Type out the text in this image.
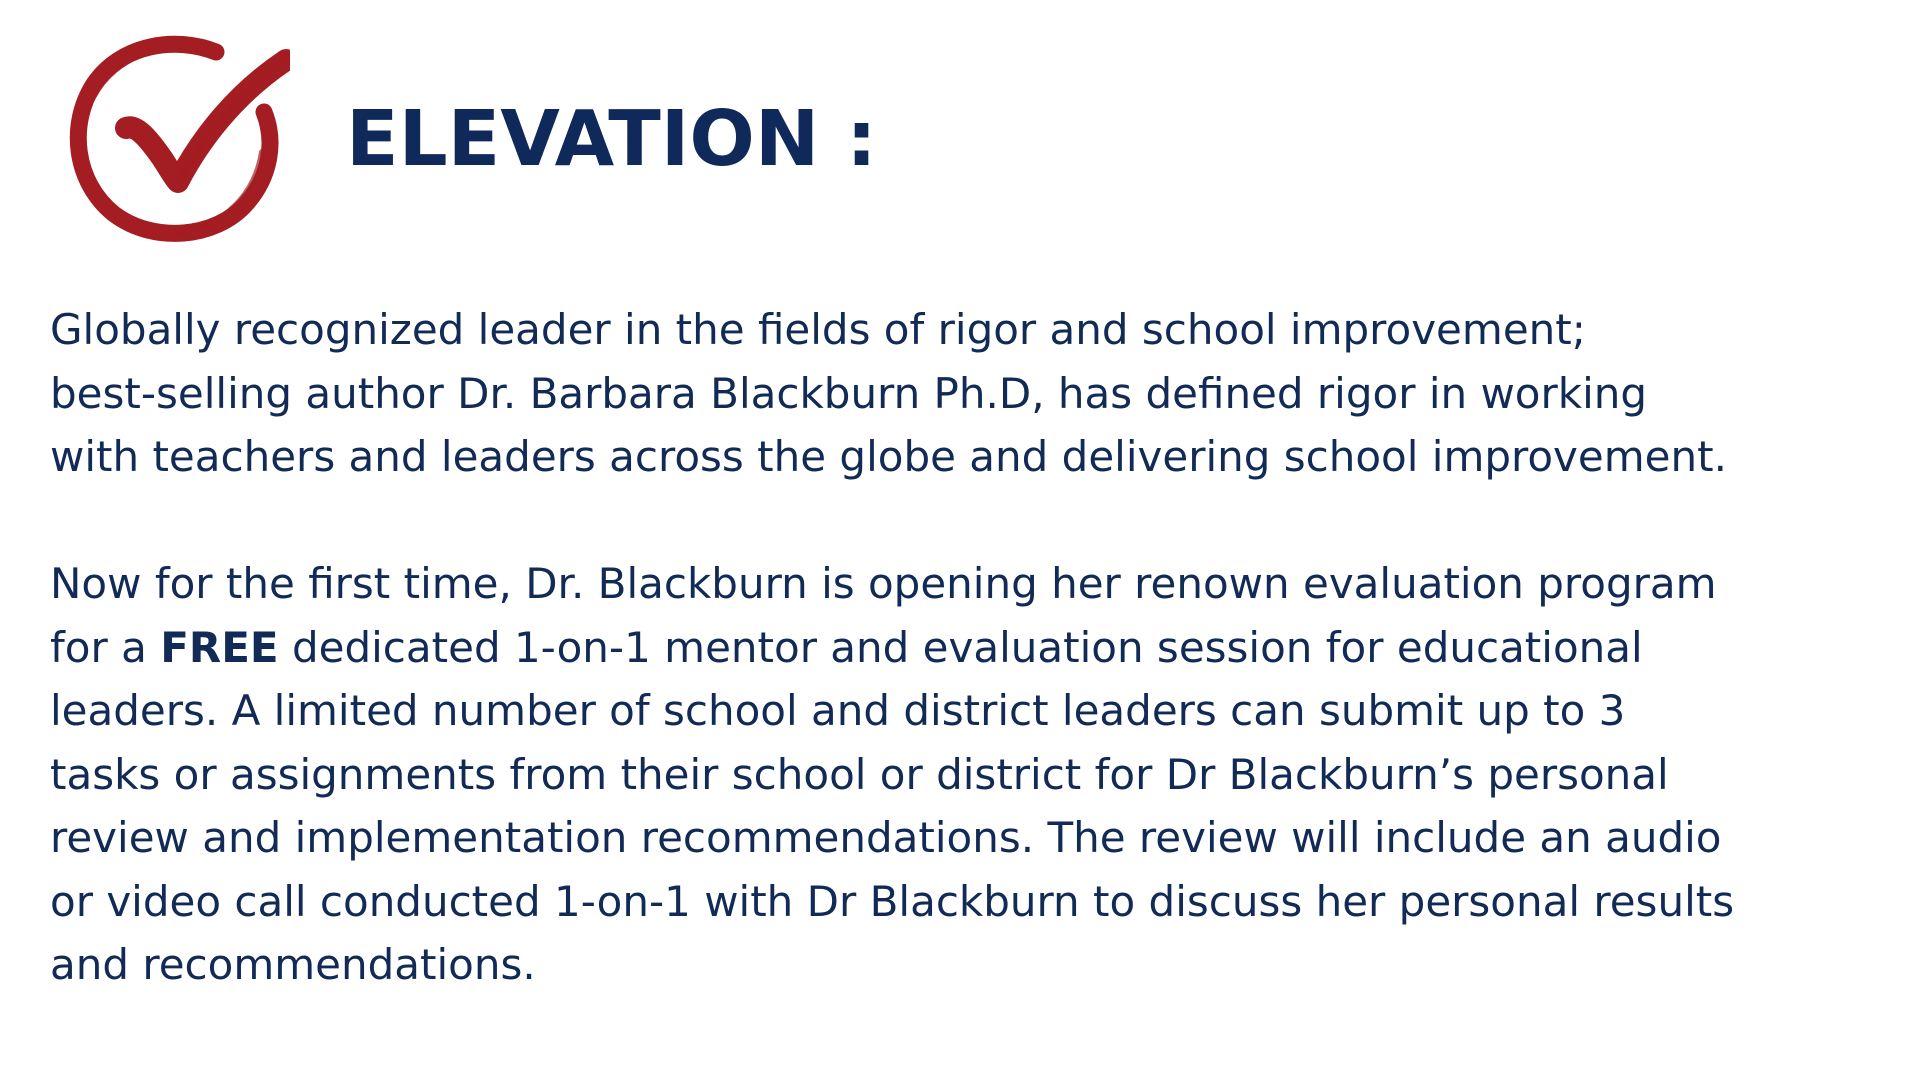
ELEVATION :

Globally recognized leader in the fields of rigor and school improvement;
best-selling author Dr. Barbara Blackburn Ph.D, has defined rigor in working
with teachers and leaders across the globe and delivering school improvement.

Now for the first time, Dr. Blackburn is opening her renown evaluation program
for a FREE dedicated 1-on-1 mentor and evaluation session for educational
leaders. A limited number of school and district leaders can submit up to 3
tasks or assignments from their school or district for Dr Blackburn’s personal
review and implementation recommendations. The review will include an audio
or video call conducted 1-on-1 with Dr Blackburn to discuss her personal results
and recommendations.
